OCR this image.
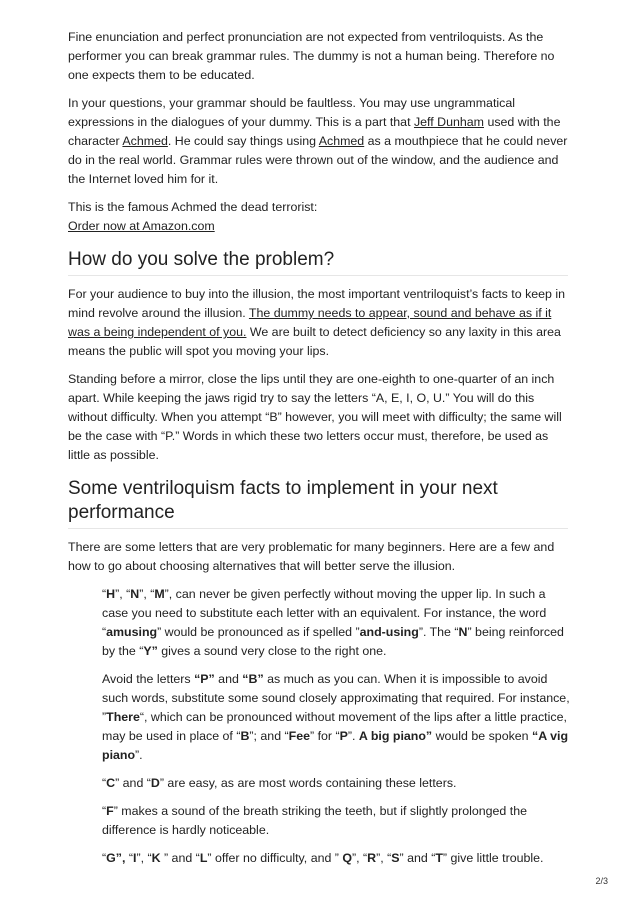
Fine enunciation and perfect pronunciation are not expected from ventriloquists. As the performer you can break grammar rules. The dummy is not a human being. Therefore no one expects them to be educated.

In your questions, your grammar should be faultless. You may use ungrammatical expressions in the dialogues of your dummy. This is a part that Jeff Dunham used with the character Achmed. He could say things using Achmed as a mouthpiece that he could never do in the real world. Grammar rules were thrown out of the window, and the audience and the Internet loved him for it.

This is the famous Achmed the dead terrorist:
Order now at Amazon.com

How do you solve the problem?

For your audience to buy into the illusion, the most important ventriloquist’s facts to keep in mind revolve around the illusion. The dummy needs to appear, sound and behave as if it was a being independent of you. We are built to detect deficiency so any laxity in this area means the public will spot you moving your lips.

Standing before a mirror, close the lips until they are one-eighth to one-quarter of an inch apart. While keeping the jaws rigid try to say the letters “A, E, I, O, U.” You will do this without difficulty. When you attempt “B” however, you will meet with difficulty; the same will be the case with “P.” Words in which these two letters occur must, therefore, be used as little as possible.

Some ventriloquism facts to implement in your next performance

There are some letters that are very problematic for many beginners. Here are a few and how to go about choosing alternatives that will better serve the illusion.

“H”, “N”, “M”, can never be given perfectly without moving the upper lip. In such a case you need to substitute each letter with an equivalent. For instance, the word “amusing” would be pronounced as if spelled ”and-using”. The “N” being reinforced by the “Y” gives a sound very close to the right one.

Avoid the letters “P” and “B” as much as you can. When it is impossible to avoid such words, substitute some sound closely approximating that required. For instance, ”There“, which can be pronounced without movement of the lips after a little practice, may be used in place of “B”; and “Fee” for “P”. A big piano” would be spoken “A vig piano”.

“C” and “D” are easy, as are most words containing these letters.

“F” makes a sound of the breath striking the teeth, but if slightly prolonged the difference is hardly noticeable.

“G”, “I”, “K ” and “L” offer no difficulty, and ” Q”, “R”, “S” and “T” give little trouble.

2/3
